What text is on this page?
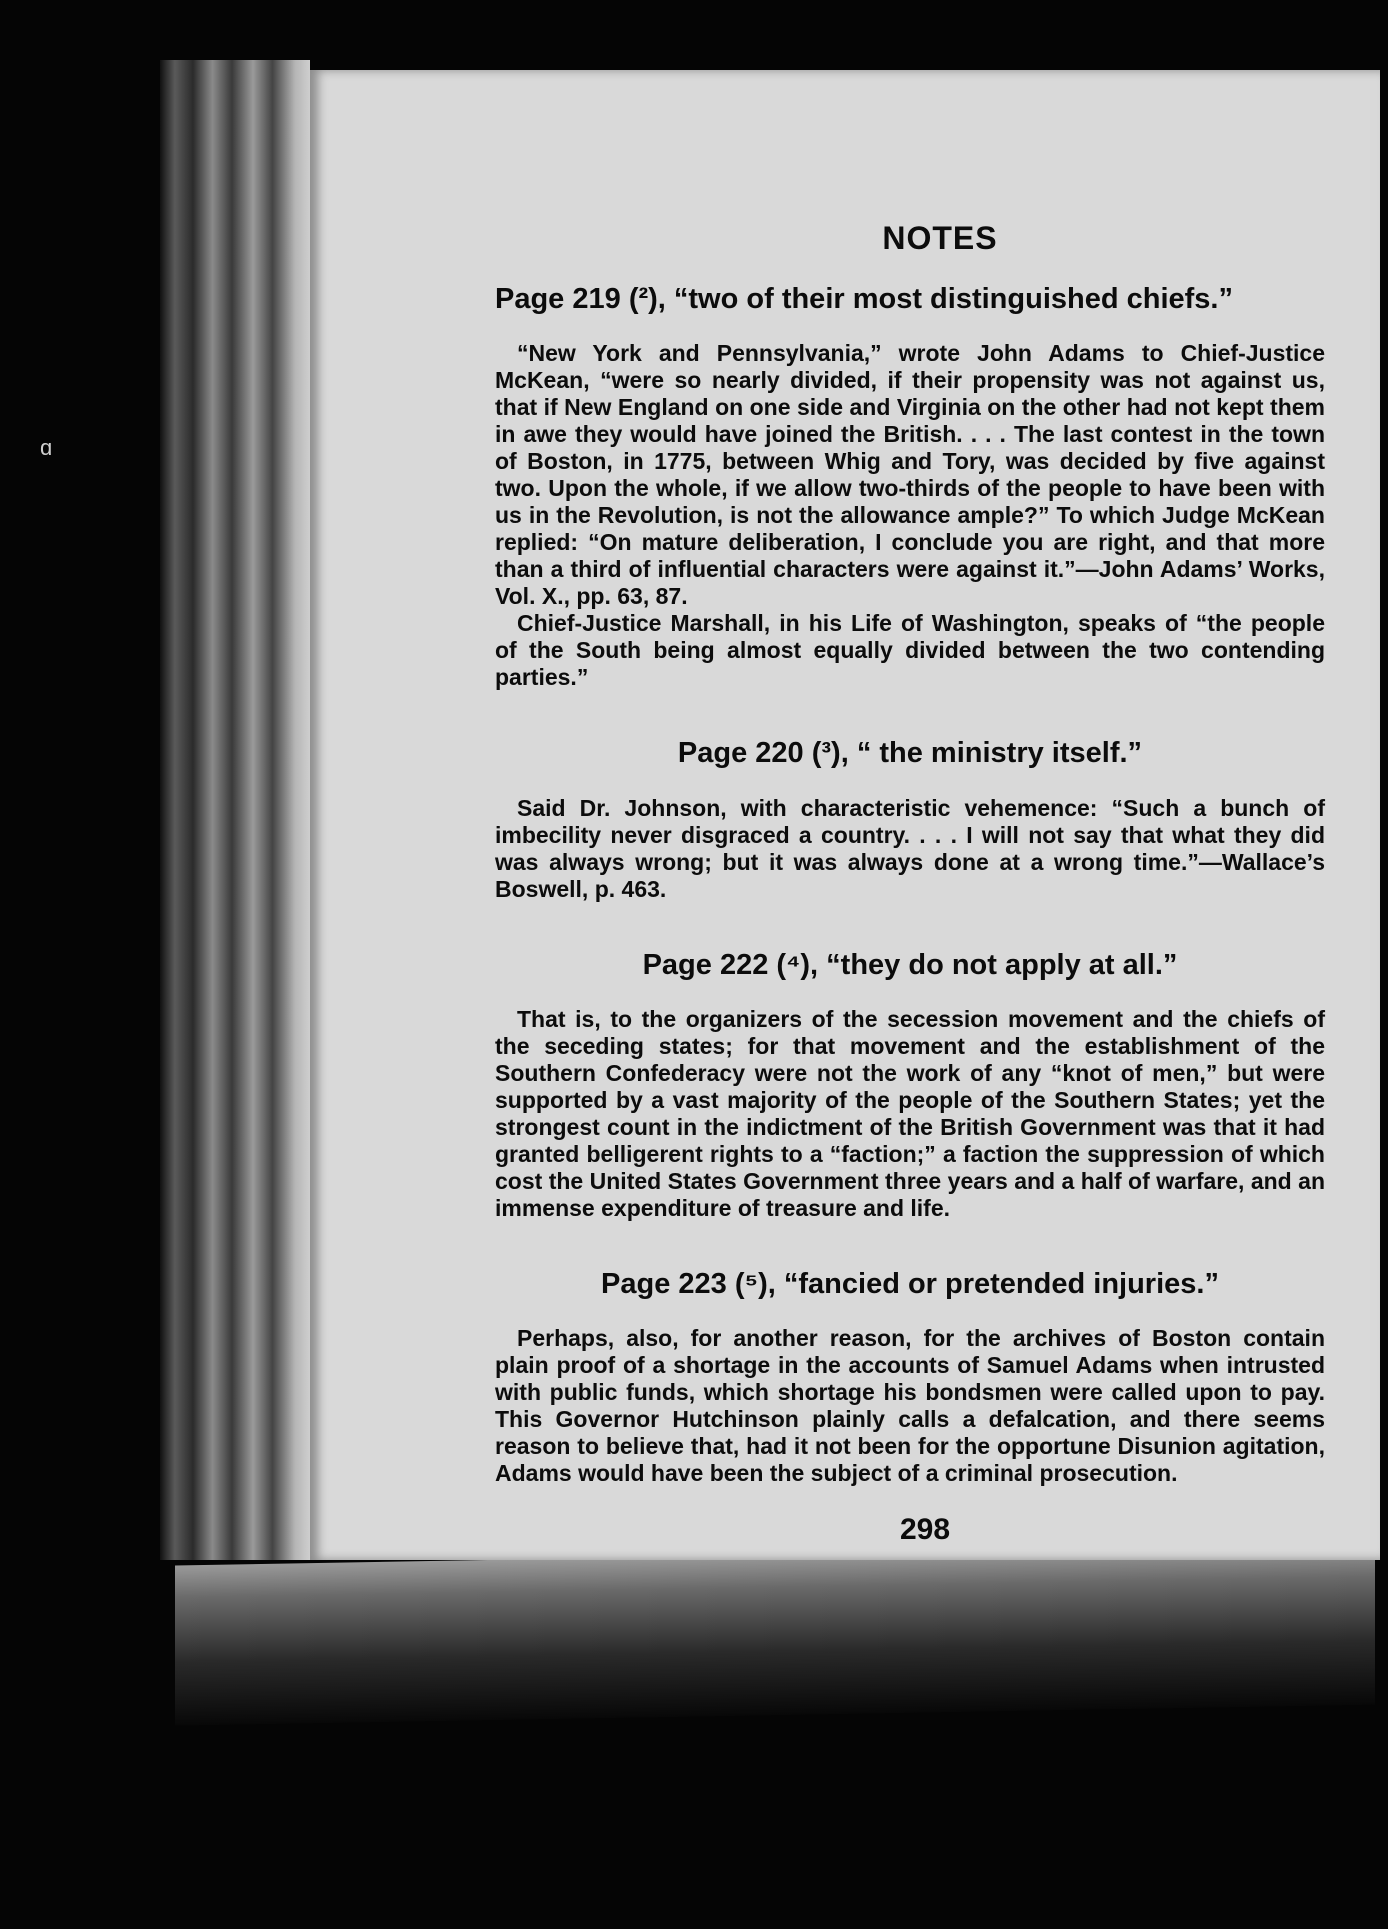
ɑ
NOTES
Page 219 (²), “two of their most distinguished chiefs.”

“New York and Pennsylvania,” wrote John Adams to Chief-Justice McKean, “were so nearly divided, if their propensity was not against us, that if New England on one side and Virginia on the other had not kept them in awe they would have joined the British. . . . The last contest in the town of Boston, in 1775, between Whig and Tory, was decided by five against two. Upon the whole, if we allow two-thirds of the people to have been with us in the Revolution, is not the allowance ample?” To which Judge McKean replied: “On mature deliberation, I conclude you are right, and that more than a third of influential characters were against it.”—John Adams’ Works, Vol. X., pp. 63, 87.

Chief-Justice Marshall, in his Life of Washington, speaks of “the people of the South being almost equally divided between the two contending parties.”

Page 220 (³), “ the ministry itself.”

Said Dr. Johnson, with characteristic vehemence: “Such a bunch of imbecility never disgraced a country. . . . I will not say that what they did was always wrong; but it was always done at a wrong time.”—Wallace’s Boswell, p. 463.

Page 222 (⁴), “they do not apply at all.”

That is, to the organizers of the secession movement and the chiefs of the seceding states; for that movement and the establishment of the Southern Confederacy were not the work of any “knot of men,” but were supported by a vast majority of the people of the Southern States; yet the strongest count in the indictment of the British Government was that it had granted belligerent rights to a “faction;” a faction the suppression of which cost the United States Government three years and a half of warfare, and an immense expenditure of treasure and life.

Page 223 (⁵), “fancied or pretended injuries.”

Perhaps, also, for another reason, for the archives of Boston contain plain proof of a shortage in the accounts of Samuel Adams when intrusted with public funds, which shortage his bondsmen were called upon to pay. This Governor Hutchinson plainly calls a defalcation, and there seems reason to believe that, had it not been for the opportune Disunion agitation, Adams would have been the subject of a criminal prosecution.

298
